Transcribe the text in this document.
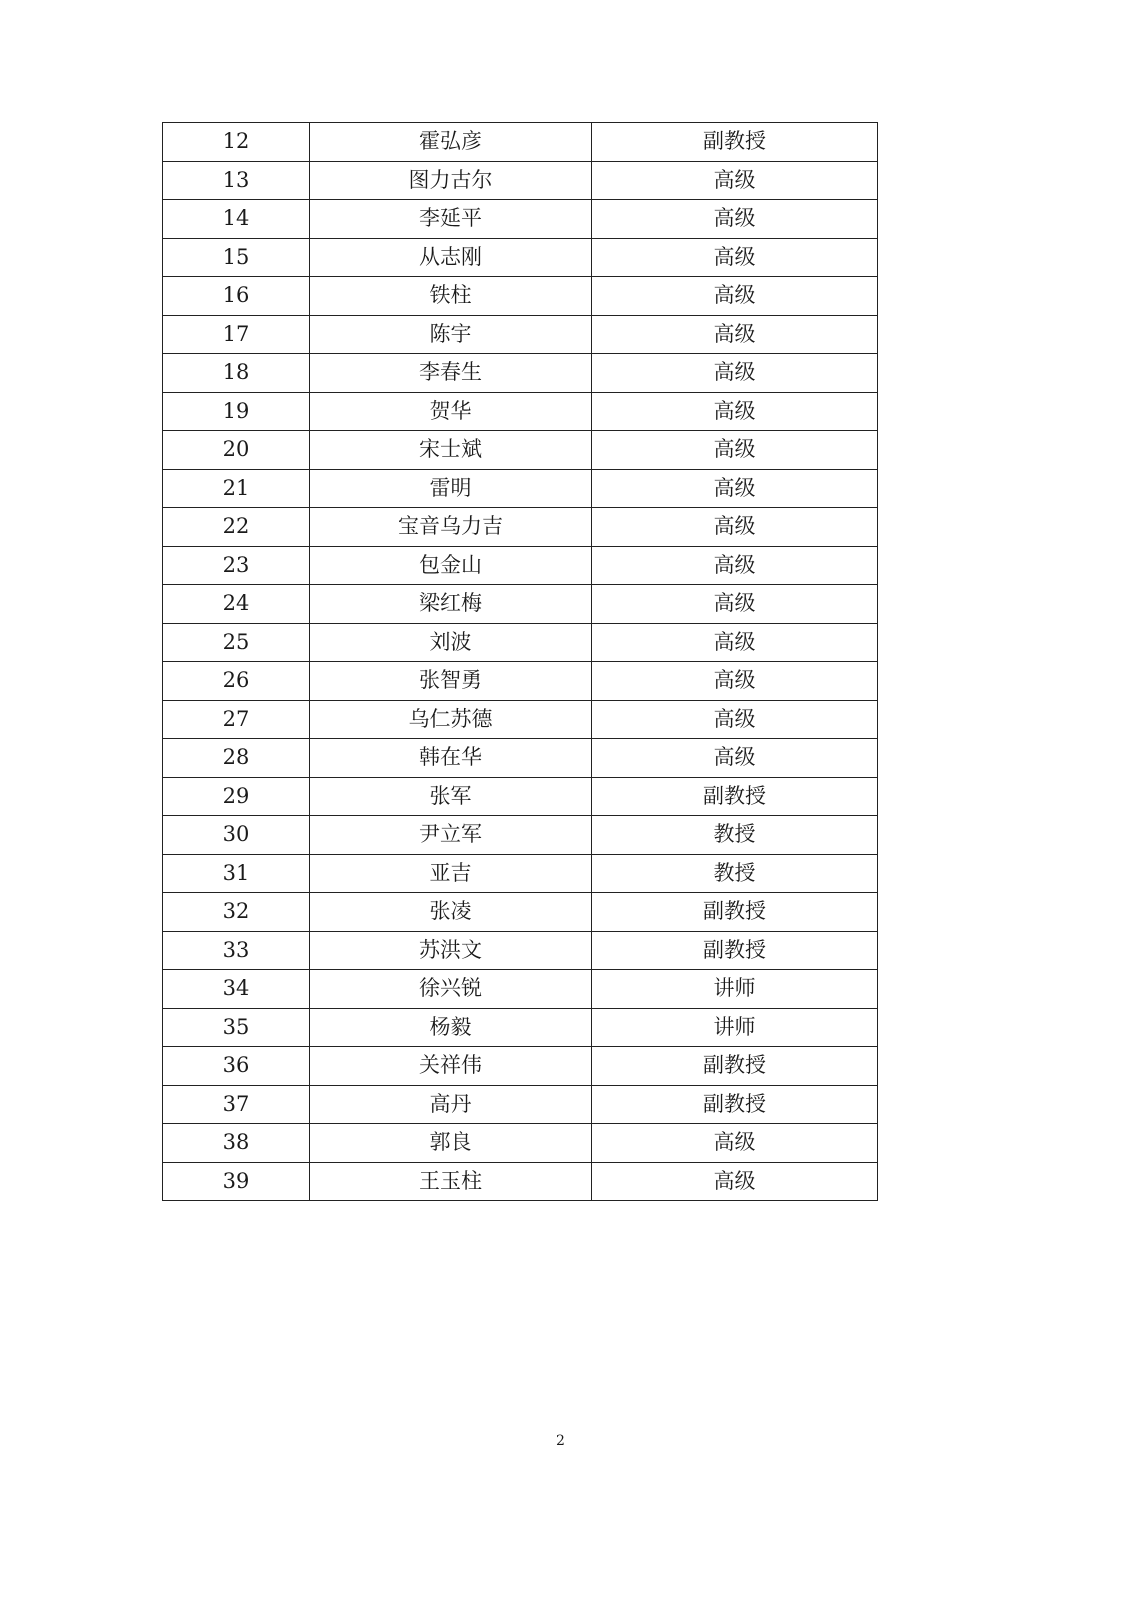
12	霍弘彦	副教授
13	图力古尔	高级
14	李延平	高级
15	从志刚	高级
16	铁柱	高级
17	陈宇	高级
18	李春生	高级
19	贺华	高级
20	宋士斌	高级
21	雷明	高级
22	宝音乌力吉	高级
23	包金山	高级
24	梁红梅	高级
25	刘波	高级
26	张智勇	高级
27	乌仁苏德	高级
28	韩在华	高级
29	张军	副教授
30	尹立军	教授
31	亚吉	教授
32	张凌	副教授
33	苏洪文	副教授
34	徐兴锐	讲师
35	杨毅	讲师
36	关祥伟	副教授
37	高丹	副教授
38	郭良	高级
39	王玉柱	高级
2
